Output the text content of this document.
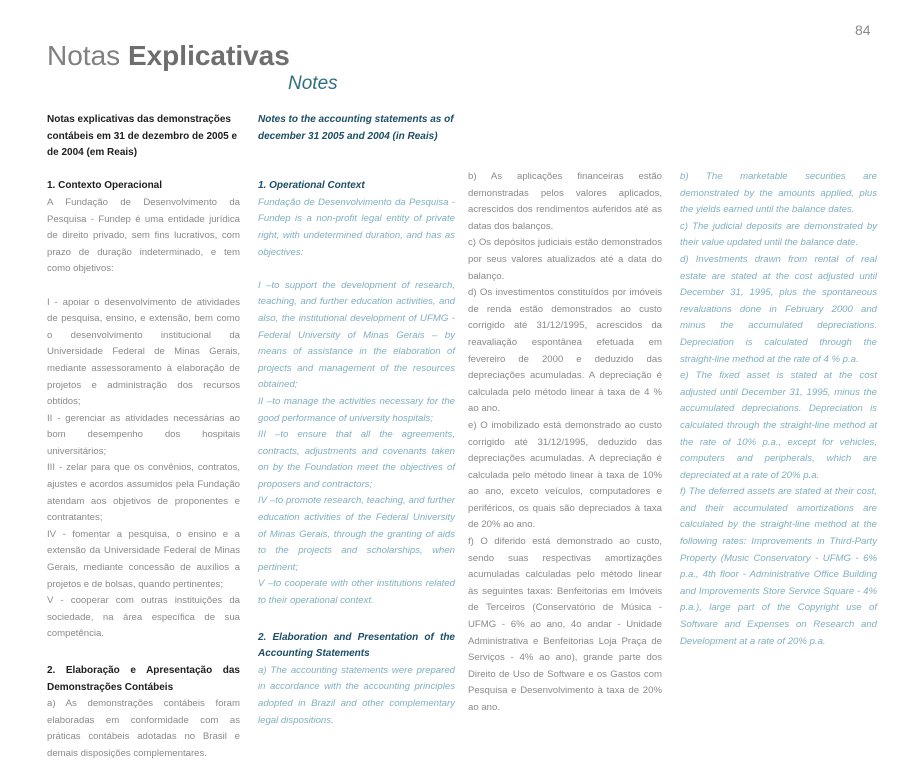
84
Notas Explicativas
Notes

Notas explicativas das demonstrações contábeis em 31 de dezembro de 2005 e de 2004 (em Reais)

1. Contexto Operacional

A Fundação de Desenvolvimento da Pesquisa - Fundep é uma entidade jurídica de direito privado, sem fins lucrativos, com prazo de duração indeterminado, e tem como objetivos:

I - apoiar o desenvolvimento de atividades de pesquisa, ensino, e extensão, bem como o desenvolvimento institucional da Universidade Federal de Minas Gerais, mediante assessoramento à elaboração de projetos e administração dos recursos obtidos;

II - gerenciar as atividades necessárias ao bom desempenho dos hospitais universitários;

III - zelar para que os convênios, contratos, ajustes e acordos assumidos pela Fundação atendam aos objetivos de proponentes e contratantes;

IV - fomentar a pesquisa, o ensino e a extensão da Universidade Federal de Minas Gerais, mediante concessão de auxílios a projetos e de bolsas, quando pertinentes;

V - cooperar com outras instituições da sociedade, na área específica de sua competência.

2. Elaboração e Apresentação das Demonstrações Contábeis

a) As demonstrações contábeis foram elaboradas em conformidade com as práticas contábeis adotadas no Brasil e demais disposições complementares.

Notes to the accounting statements as of december 31 2005 and 2004 (in Reais)

1. Operational Context

Fundação de Desenvolvimento da Pesquisa - Fundep is a non-profit legal entity of private right, with undetermined duration, and has as objectives:

I –to support the development of research, teaching, and further education activities, and also, the institutional development of UFMG - Federal University of Minas Gerais – by means of assistance in the elaboration of projects and management of the resources obtained;

II –to manage the activities necessary for the good performance of university hospitals;

III –to ensure that all the agreements, contracts, adjustments and covenants taken on by the Foundation meet the objectives of proposers and contractors;

IV –to promote research, teaching, and further education activities of the Federal University of Minas Gerais, through the granting of aids to the projects and scholarships, when pertinent;

V –to cooperate with other institutions related to their operational context.

2. Elaboration and Presentation of the Accounting Statements

a) The accounting statements were prepared in accordance with the accounting principles adopted in Brazil and other complementary legal dispositions.

b) As aplicações financeiras estão demonstradas pelos valores aplicados, acrescidos dos rendimentos auferidos até as datas dos balanços.

c) Os depósitos judiciais estão demonstrados por seus valores atualizados até a data do balanço.

d) Os investimentos constituídos por imóveis de renda estão demonstrados ao custo corrigido até 31/12/1995, acrescidos da reavaliação espontânea efetuada em fevereiro de 2000 e deduzido das depreciações acumuladas. A depreciação é calculada pelo método linear à taxa de 4 % ao ano.

e) O imobilizado está demonstrado ao custo corrigido até 31/12/1995, deduzido das depreciações acumuladas. A depreciação é calculada pelo método linear à taxa de 10% ao ano, exceto veículos, computadores e periféricos, os quais são depreciados à taxa de 20% ao ano.

f) O diferido está demonstrado ao custo, sendo suas respectivas amortizações acumuladas calculadas pelo método linear às seguintes taxas: Benfeitorias em Imóveis de Terceiros (Conservatório de Música - UFMG - 6% ao ano, 4o andar - Unidade Administrativa e Benfeitorias Loja Praça de Serviços - 4% ao ano), grande parte dos Direito de Uso de Software e os Gastos com Pesquisa e Desenvolvimento à taxa de 20% ao ano.

b) The marketable securities are demonstrated by the amounts applied, plus the yields earned until the balance dates.

c) The judicial deposits are demonstrated by their value updated until the balance date.

d) Investments drawn from rental of real estate are stated at the cost adjusted until December 31, 1995, plus the spontaneous revaluations done in February 2000 and minus the accumulated depreciations. Depreciation is calculated through the straight-line method at the rate of 4 % p.a.

e) The fixed asset is stated at the cost adjusted until December 31, 1995, minus the accumulated depreciations. Depreciation is calculated through the straight-line method at the rate of 10% p.a., except for vehicles, computers and peripherals, which are depreciated at a rate of 20% p.a.

f) The deferred assets are stated at their cost, and their accumulated amortizations are calculated by the straight-line method at the following rates: Improvements in Third-Party Property (Music Conservatory - UFMG - 6% p.a., 4th floor - Administrative Office Building and Improvements Store Service Square - 4% p.a.), large part of the Copyright use of Software and Expenses on Research and Development at a rate of 20% p.a.
